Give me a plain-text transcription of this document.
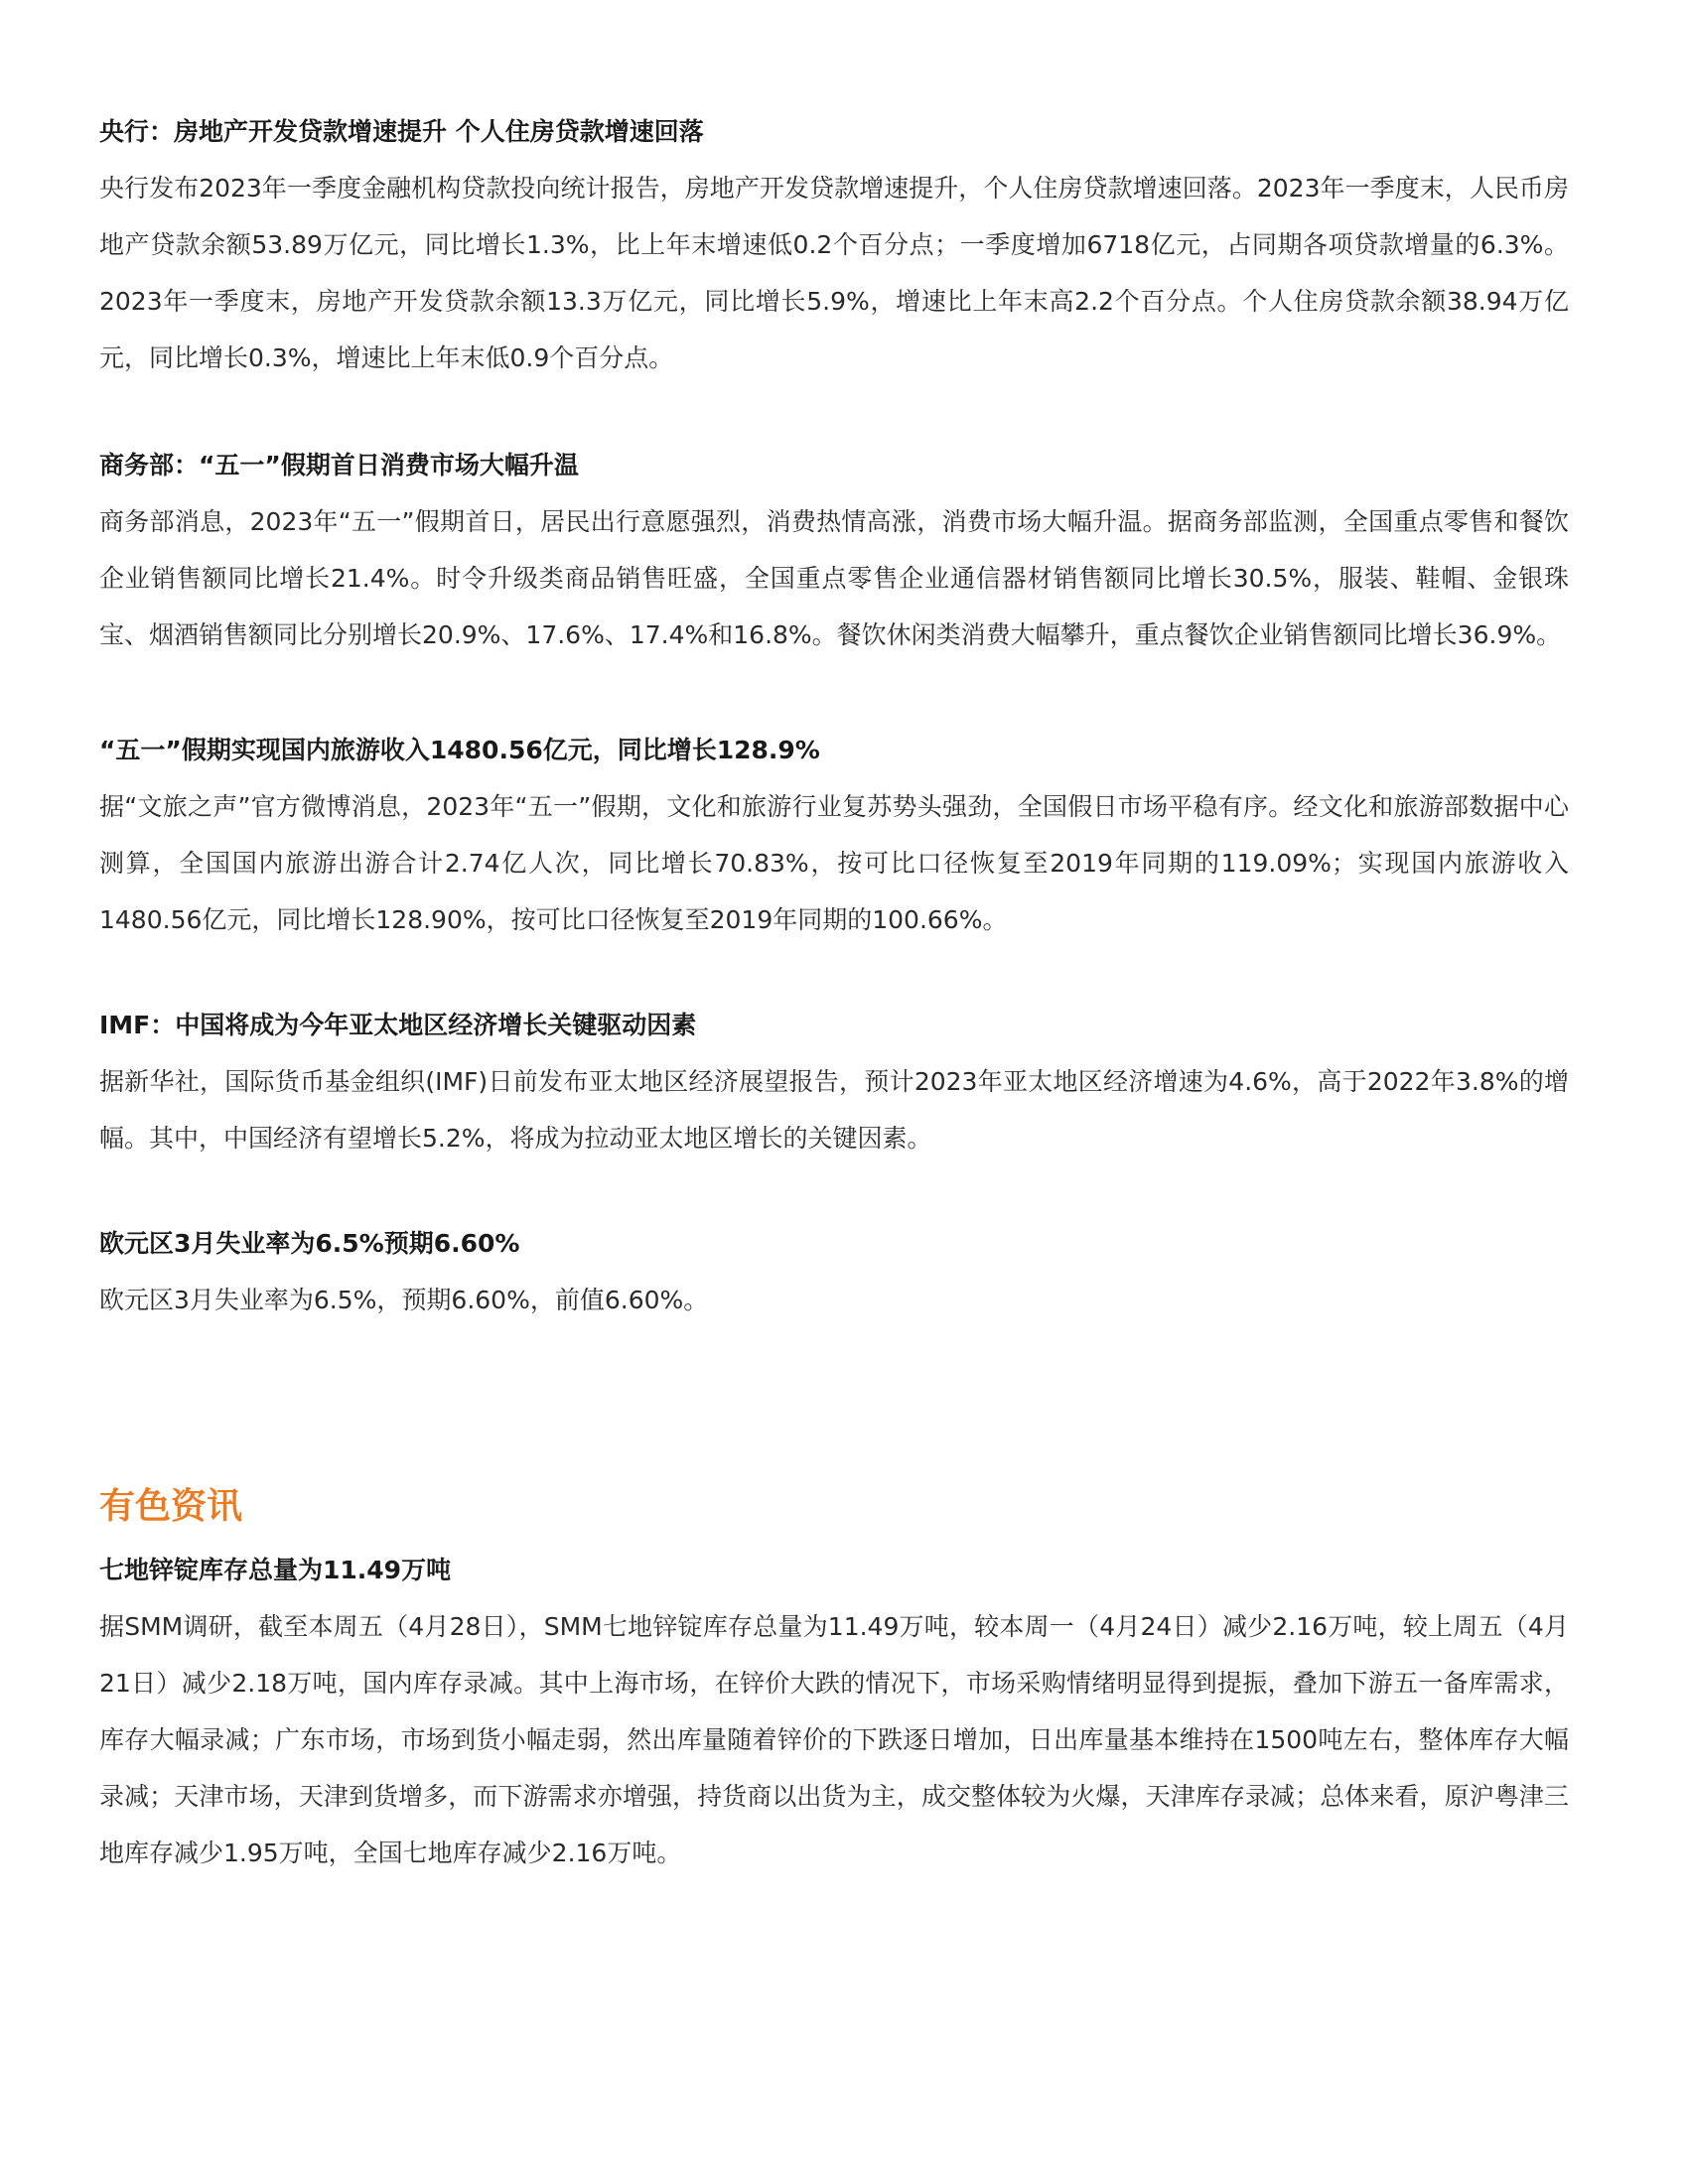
央行：房地产开发贷款增速提升 个人住房贷款增速回落

央行发布2023年一季度金融机构贷款投向统计报告，房地产开发贷款增速提升，个人住房贷款增速回落。2023年一季度末，人民币房地产贷款余额53.89万亿元，同比增长1.3%，比上年末增速低0.2个百分点；一季度增加6718亿元，占同期各项贷款增量的6.3%。2023年一季度末，房地产开发贷款余额13.3万亿元，同比增长5.9%，增速比上年末高2.2个百分点。个人住房贷款余额38.94万亿元，同比增长0.3%，增速比上年末低0.9个百分点。

商务部：“五一”假期首日消费市场大幅升温

商务部消息，2023年“五一”假期首日，居民出行意愿强烈，消费热情高涨，消费市场大幅升温。据商务部监测，全国重点零售和餐饮企业销售额同比增长21.4%。时令升级类商品销售旺盛，全国重点零售企业通信器材销售额同比增长30.5%，服装、鞋帽、金银珠宝、烟酒销售额同比分别增长20.9%、17.6%、17.4%和16.8%。餐饮休闲类消费大幅攀升，重点餐饮企业销售额同比增长36.9%。

“五一”假期实现国内旅游收入1480.56亿元，同比增长128.9%

据“文旅之声”官方微博消息，2023年“五一”假期，文化和旅游行业复苏势头强劲，全国假日市场平稳有序。经文化和旅游部数据中心测算，全国国内旅游出游合计2.74亿人次，同比增长70.83%，按可比口径恢复至2019年同期的119.09%；实现国内旅游收入1480.56亿元，同比增长128.90%，按可比口径恢复至2019年同期的100.66%。

IMF：中国将成为今年亚太地区经济增长关键驱动因素

据新华社，国际货币基金组织(IMF)日前发布亚太地区经济展望报告，预计2023年亚太地区经济增速为4.6%，高于2022年3.8%的增幅。其中，中国经济有望增长5.2%，将成为拉动亚太地区增长的关键因素。

欧元区3月失业率为6.5%预期6.60%

欧元区3月失业率为6.5%，预期6.60%，前值6.60%。

有色资讯

七地锌锭库存总量为11.49万吨

据SMM调研，截至本周五（4月28日），SMM七地锌锭库存总量为11.49万吨，较本周一（4月24日）减少2.16万吨，较上周五（4月21日）减少2.18万吨，国内库存录减。其中上海市场，在锌价大跌的情况下，市场采购情绪明显得到提振，叠加下游五一备库需求，库存大幅录减；广东市场，市场到货小幅走弱，然出库量随着锌价的下跌逐日增加，日出库量基本维持在1500吨左右，整体库存大幅录减；天津市场，天津到货增多，而下游需求亦增强，持货商以出货为主，成交整体较为火爆，天津库存录减；总体来看，原沪粤津三地库存减少1.95万吨，全国七地库存减少2.16万吨。
